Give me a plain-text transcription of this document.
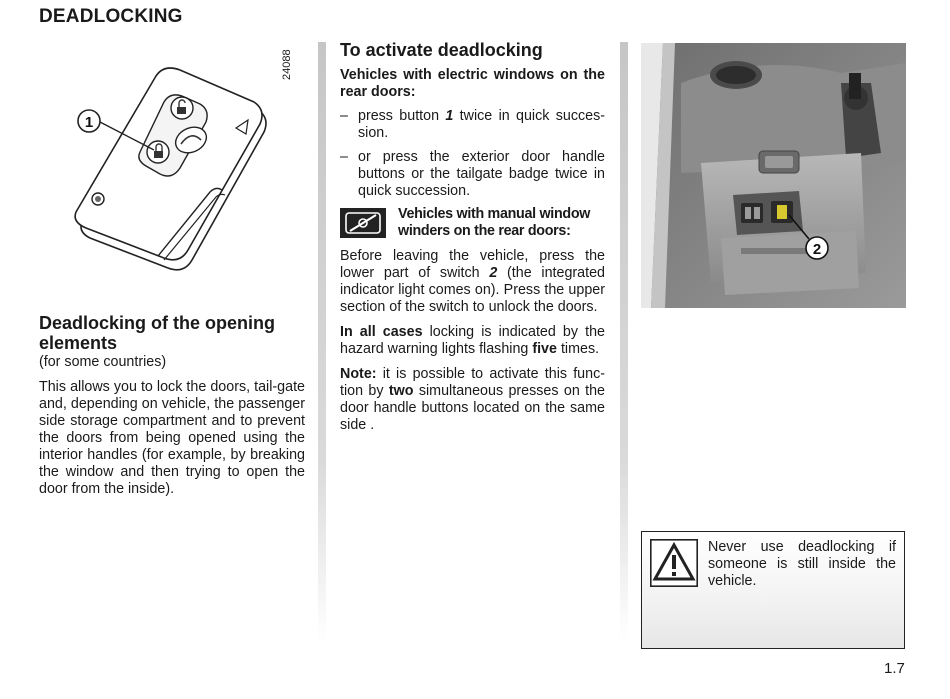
DEADLOCKING
24088
1
Deadlocking of the opening elements

(for some countries)

This allows you to lock the doors, tail-gate and, depending on vehicle, the passenger side storage compartment and to prevent the doors from being opened using the interior handles (for example, by breaking the window and then trying to open the door from the inside).

To activate deadlocking

Vehicles with electric windows on the rear doors:

– press button 1 twice in quick succes-sion.
– or press the exterior door handle buttons or the tailgate badge twice in quick succession.

Vehicles with manual window winders on the rear doors:

Before leaving the vehicle, press the lower part of switch 2 (the integrated indicator light comes on). Press the upper section of the switch to unlock the doors.

In all cases locking is indicated by the hazard warning lights flashing five times.

Note: it is possible to activate this func-tion by two simultaneous presses on the door handle buttons located on the same side .

2

Never use deadlocking if someone is still inside the vehicle.

1.7
